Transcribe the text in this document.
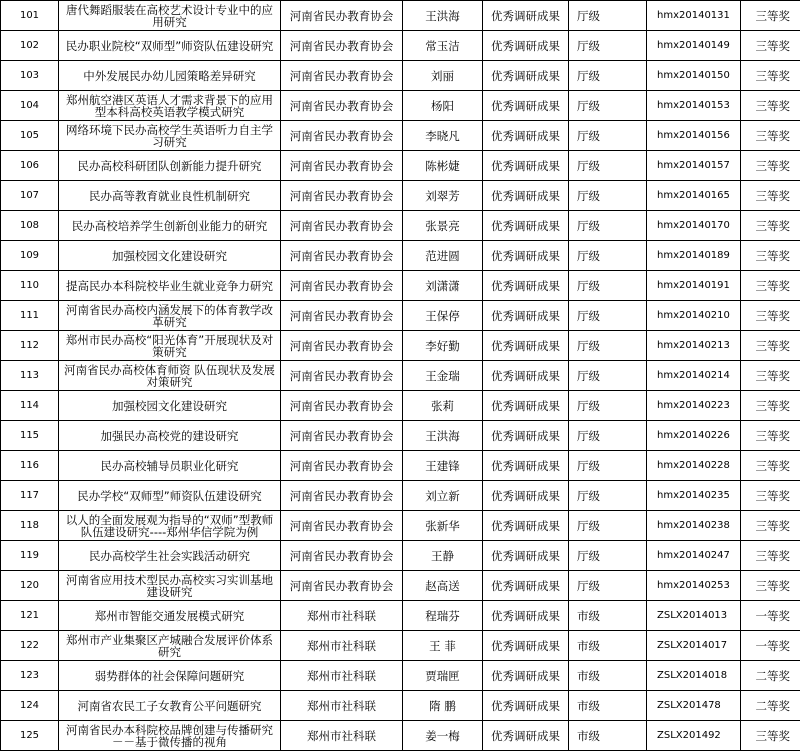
101	唐代舞蹈服装在高校艺术设计专业中的应用研究	河南省民办教育协会	王洪海	优秀调研成果	厅级	hmx20140131	三等奖
102	民办职业院校“双师型”师资队伍建设研究	河南省民办教育协会	常玉洁	优秀调研成果	厅级	hmx20140149	三等奖
103	中外发展民办幼儿园策略差异研究	河南省民办教育协会	刘丽	优秀调研成果	厅级	hmx20140150	三等奖
104	郑州航空港区英语人才需求背景下的应用型本科高校英语教学模式研究	河南省民办教育协会	杨阳	优秀调研成果	厅级	hmx20140153	三等奖
105	网络环境下民办高校学生英语听力自主学习研究	河南省民办教育协会	李晓凡	优秀调研成果	厅级	hmx20140156	三等奖
106	民办高校科研团队创新能力提升研究	河南省民办教育协会	陈彬婕	优秀调研成果	厅级	hmx20140157	三等奖
107	民办高等教育就业良性机制研究	河南省民办教育协会	刘翠芳	优秀调研成果	厅级	hmx20140165	三等奖
108	民办高校培养学生创新创业能力的研究	河南省民办教育协会	张景亮	优秀调研成果	厅级	hmx20140170	三等奖
109	加强校园文化建设研究	河南省民办教育协会	范进圆	优秀调研成果	厅级	hmx20140189	三等奖
110	提高民办本科院校毕业生就业竞争力研究	河南省民办教育协会	刘潇潇	优秀调研成果	厅级	hmx20140191	三等奖
111	河南省民办高校内涵发展下的体育教学改革研究	河南省民办教育协会	王保停	优秀调研成果	厅级	hmx20140210	三等奖
112	郑州市民办高校“阳光体育”开展现状及对策研究	河南省民办教育协会	李好勤	优秀调研成果	厅级	hmx20140213	三等奖
113	河南省民办高校体育师资 队伍现状及发展对策研究	河南省民办教育协会	王金瑞	优秀调研成果	厅级	hmx20140214	三等奖
114	加强校园文化建设研究	河南省民办教育协会	张莉	优秀调研成果	厅级	hmx20140223	三等奖
115	加强民办高校党的建设研究	河南省民办教育协会	王洪海	优秀调研成果	厅级	hmx20140226	三等奖
116	民办高校辅导员职业化研究	河南省民办教育协会	王建锋	优秀调研成果	厅级	hmx20140228	三等奖
117	民办学校“双师型”师资队伍建设研究	河南省民办教育协会	刘立新	优秀调研成果	厅级	hmx20140235	三等奖
118	以人的全面发展观为指导的“双师”型教师队伍建设研究----郑州华信学院为例	河南省民办教育协会	张新华	优秀调研成果	厅级	hmx20140238	三等奖
119	民办高校学生社会实践活动研究	河南省民办教育协会	王静	优秀调研成果	厅级	hmx20140247	三等奖
120	河南省应用技术型民办高校实习实训基地建设研究	河南省民办教育协会	赵高送	优秀调研成果	厅级	hmx20140253	三等奖
121	郑州市智能交通发展模式研究	郑州市社科联	程瑞芬	优秀调研成果	市级	ZSLX2014013	一等奖
122	郑州市产业集聚区产城融合发展评价体系研究	郑州市社科联	王 菲	优秀调研成果	市级	ZSLX2014017	一等奖
123	弱势群体的社会保障问题研究	郑州市社科联	贾瑞匣	优秀调研成果	市级	ZSLX2014018	二等奖
124	河南省农民工子女教育公平问题研究	郑州市社科联	隋 鹏	优秀调研成果	市级	ZSLX201478	二等奖
125	河南省民办本科院校品牌创建与传播研究－－基于微传播的视角	郑州市社科联	姜一梅	优秀调研成果	市级	ZSLX201492	三等奖
